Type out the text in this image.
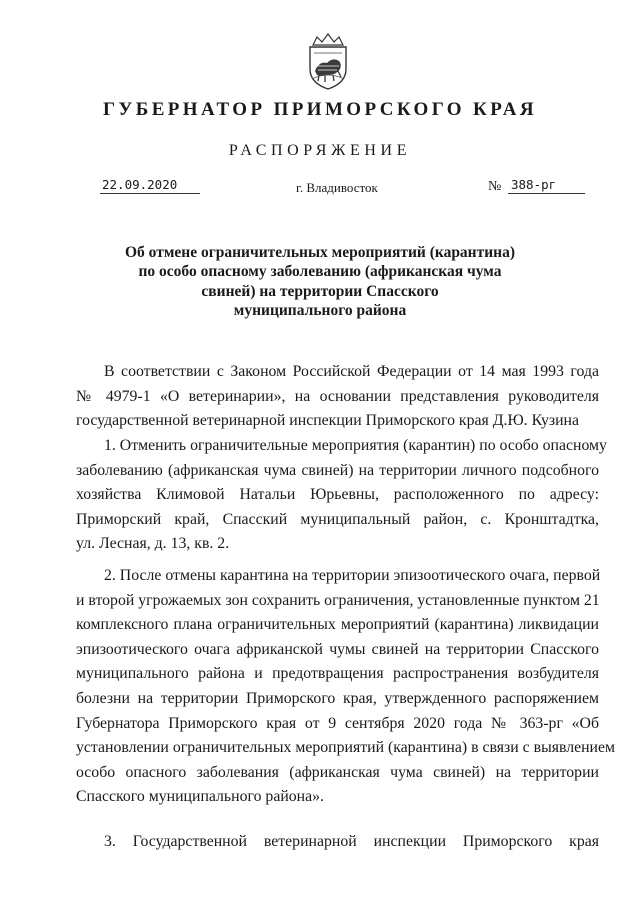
ГУБЕРНАТОР ПРИМОРСКОГО КРАЯ
РАСПОРЯЖЕНИЕ
22.09.2020	г. Владивосток	№ 388-рг
Об отмене ограничительных мероприятий (карантина)
по особо опасному заболеванию (африканская чума
свиней) на территории Спасского
муниципального района
В соответствии с Законом Российской Федерации от 14 мая 1993 года
№ 4979-1 «О ветеринарии», на основании представления руководителя
государственной ветеринарной инспекции Приморского края Д.Ю. Кузина
1. Отменить ограничительные мероприятия (карантин) по особо опасному
заболеванию (африканская чума свиней) на территории личного подсобного
хозяйства Климовой Натальи Юрьевны, расположенного по адресу:
Приморский край, Спасский муниципальный район, с. Кронштадтка,
ул. Лесная, д. 13, кв. 2.
2. После отмены карантина на территории эпизоотического очага, первой
и второй угрожаемых зон сохранить ограничения, установленные пунктом 21
комплексного плана ограничительных мероприятий (карантина) ликвидации
эпизоотического очага африканской чумы свиней на территории Спасского
муниципального района и предотвращения распространения возбудителя
болезни на территории Приморского края, утвержденного распоряжением
Губернатора Приморского края от 9 сентября 2020 года № 363-рг «Об
установлении ограничительных мероприятий (карантина) в связи с выявлением
особо опасного заболевания (африканская чума свиней) на территории
Спасского муниципального района».
3. Государственной ветеринарной инспекции Приморского края
